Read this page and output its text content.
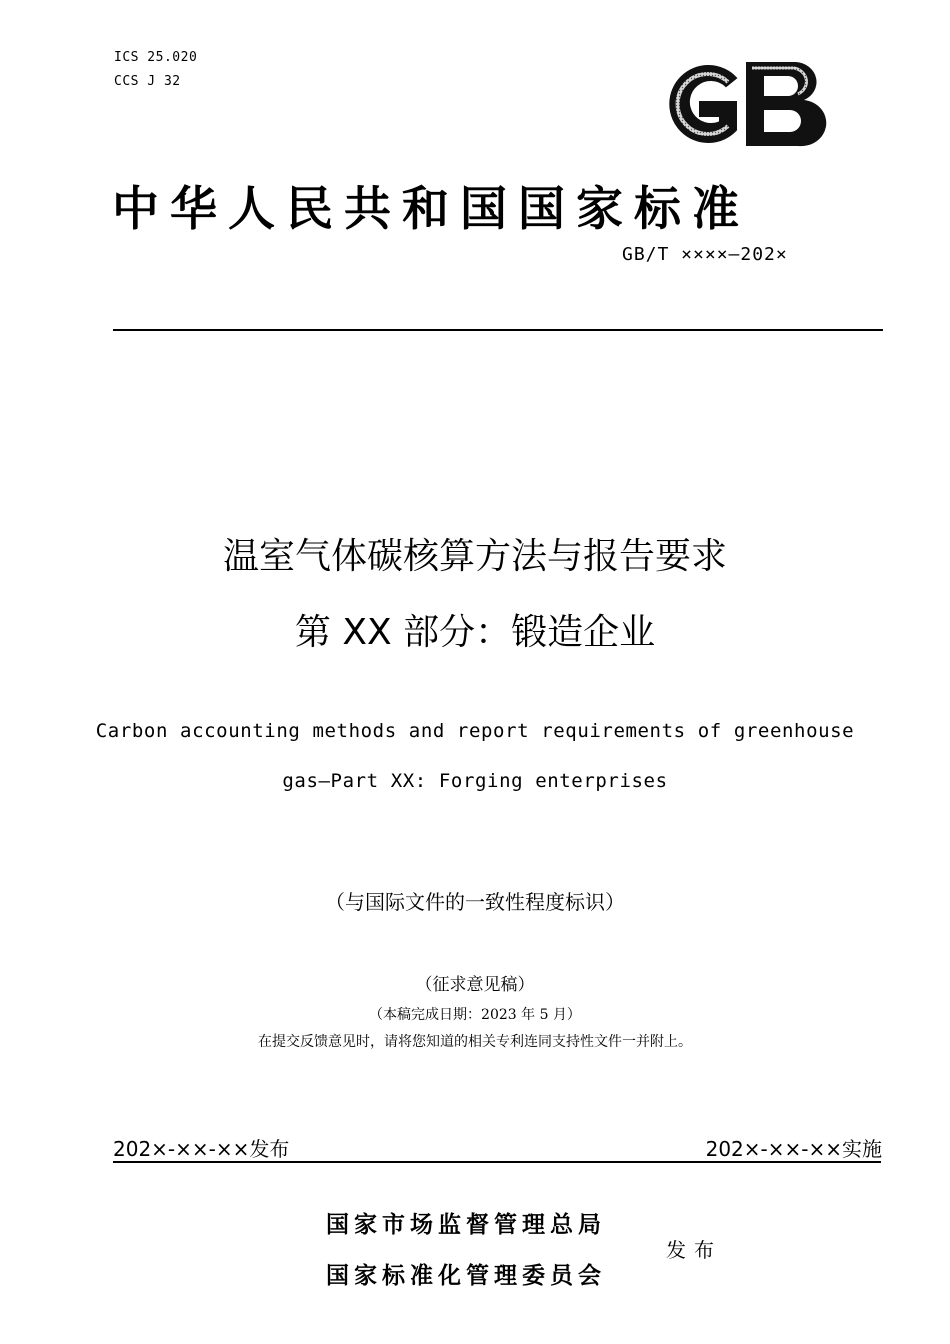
ICS 25.020
CCS J 32
中华人民共和国国家标准
GB/T ××××—202×
温室气体碳核算方法与报告要求
第 XX 部分：锻造企业
Carbon accounting methods and report requirements of greenhouse
gas—Part XX: Forging enterprises
（与国际文件的一致性程度标识）
（征求意见稿）
（本稿完成日期：2023 年 5 月）
在提交反馈意见时，请将您知道的相关专利连同支持性文件一并附上。
202×-××-××发布	202×-××-××实施
国家市场监督管理总局
国家标准化管理委员会
发布
